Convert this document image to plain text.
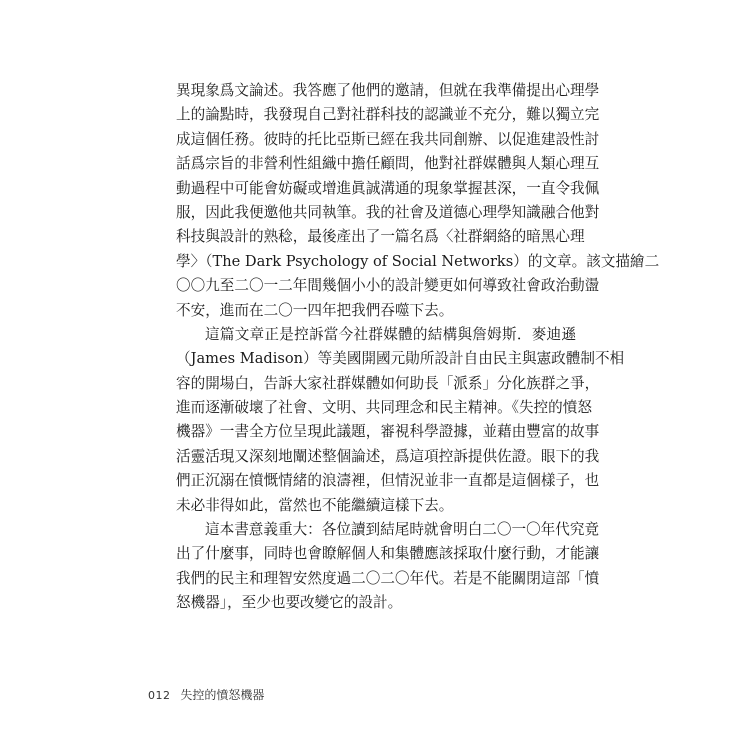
異現象爲文論述。我答應了他們的邀請，但就在我準備提出心理學
上的論點時，我發現自己對社群科技的認識並不充分，難以獨立完
成這個任務。彼時的托比亞斯已經在我共同創辦、以促進建設性討
話爲宗旨的非營利性組織中擔任顧問，他對社群媒體與人類心理互
動過程中可能會妨礙或增進眞誠溝通的現象掌握甚深，一直令我佩
服，因此我便邀他共同執筆。我的社會及道德心理學知識融合他對
科技與設計的熟稔，最後產出了一篇名爲〈社群網絡的暗黑心理
學〉（The Dark Psychology of Social Networks）的文章。該文描繪二
〇〇九至二〇一二年間幾個小小的設計變更如何導致社會政治動盪
不安，進而在二〇一四年把我們吞噬下去。
這篇文章正是控訴當今社群媒體的結構與詹姆斯．麥迪遜
（James Madison）等美國開國元勛所設計自由民主與憲政體制不相
容的開場白，告訴大家社群媒體如何助長「派系」分化族群之爭，
進而逐漸破壞了社會、文明、共同理念和民主精神。《失控的憤怒
機器》一書全方位呈現此議題，審視科學證據，並藉由豐富的故事
活靈活現又深刻地闡述整個論述，爲這項控訴提供佐證。眼下的我
們正沉溺在憤慨情緒的浪濤裡，但情況並非一直都是這個樣子，也
未必非得如此，當然也不能繼續這樣下去。
這本書意義重大：各位讀到結尾時就會明白二〇一〇年代究竟
出了什麼事，同時也會瞭解個人和集體應該採取什麼行動，才能讓
我們的民主和理智安然度過二〇二〇年代。若是不能關閉這部「憤
怒機器」，至少也要改變它的設計。
012 失控的憤怒機器
